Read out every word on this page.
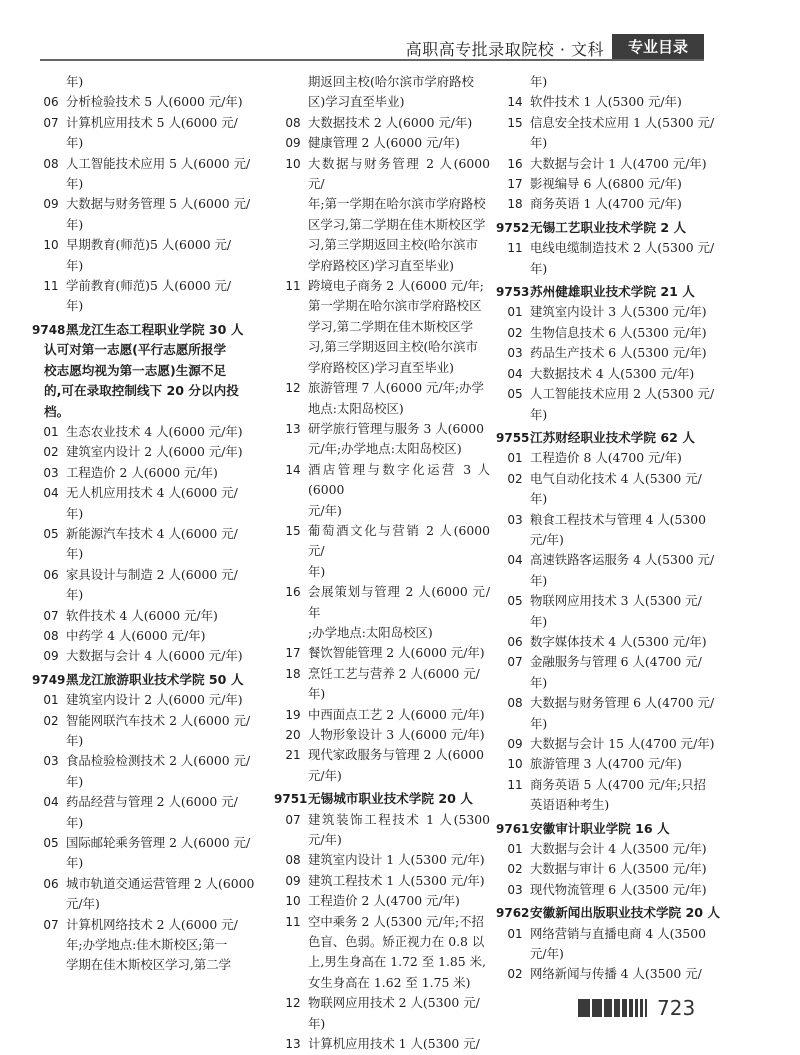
高职高专批录取院校 · 文科	专业目录
年)
06 分析检验技术 5 人(6000 元/年)
07 计算机应用技术 5 人(6000 元/
年)
08 人工智能技术应用 5 人(6000 元/
年)
09 大数据与财务管理 5 人(6000 元/
年)
10 早期教育(师范)5 人(6000 元/
年)
11 学前教育(师范)5 人(6000 元/
年)
9748 黑龙江生态工程职业学院 30 人
认可对第一志愿(平行志愿所报学
校志愿均视为第一志愿)生源不足
的,可在录取控制线下 20 分以内投
档。
01 生态农业技术 4 人(6000 元/年)
02 建筑室内设计 2 人(6000 元/年)
03 工程造价 2 人(6000 元/年)
04 无人机应用技术 4 人(6000 元/
年)
05 新能源汽车技术 4 人(6000 元/
年)
06 家具设计与制造 2 人(6000 元/
年)
07 软件技术 4 人(6000 元/年)
08 中药学 4 人(6000 元/年)
09 大数据与会计 4 人(6000 元/年)
9749 黑龙江旅游职业技术学院 50 人
01 建筑室内设计 2 人(6000 元/年)
02 智能网联汽车技术 2 人(6000 元/
年)
03 食品检验检测技术 2 人(6000 元/
年)
04 药品经营与管理 2 人(6000 元/
年)
05 国际邮轮乘务管理 2 人(6000 元/
年)
06 城市轨道交通运营管理 2 人(6000
元/年)
07 计算机网络技术 2 人(6000 元/
年;办学地点:佳木斯校区;第一
学期在佳木斯校区学习,第二学
期返回主校(哈尔滨市学府路校
区)学习直至毕业)
08 大数据技术 2 人(6000 元/年)
09 健康管理 2 人(6000 元/年)
10 大数据与财务管理 2 人(6000 元/
年;第一学期在哈尔滨市学府路校
区学习,第二学期在佳木斯校区学
习,第三学期返回主校(哈尔滨市
学府路校区)学习直至毕业)
11 跨境电子商务 2 人(6000 元/年;
第一学期在哈尔滨市学府路校区
学习,第二学期在佳木斯校区学
习,第三学期返回主校(哈尔滨市
学府路校区)学习直至毕业)
12 旅游管理 7 人(6000 元/年;办学
地点:太阳岛校区)
13 研学旅行管理与服务 3 人(6000
元/年;办学地点:太阳岛校区)
14 酒店管理与数字化运营 3 人(6000
元/年)
15 葡萄酒文化与营销 2 人(6000 元/
年)
16 会展策划与管理 2 人(6000 元/年
;办学地点:太阳岛校区)
17 餐饮智能管理 2 人(6000 元/年)
18 烹饪工艺与营养 2 人(6000 元/
年)
19 中西面点工艺 2 人(6000 元/年)
20 人物形象设计 3 人(6000 元/年)
21 现代家政服务与管理 2 人(6000
元/年)
9751 无锡城市职业技术学院 20 人
07 建筑装饰工程技术 1 人(5300 元/年)
08 建筑室内设计 1 人(5300 元/年)
09 建筑工程技术 1 人(5300 元/年)
10 工程造价 2 人(4700 元/年)
11 空中乘务 2 人(5300 元/年;不招
色盲、色弱。矫正视力在 0.8 以
上,男生身高在 1.72 至 1.85 米,
女生身高在 1.62 至 1.75 米)
12 物联网应用技术 2 人(5300 元/
年)
13 计算机应用技术 1 人(5300 元/
年)
14 软件技术 1 人(5300 元/年)
15 信息安全技术应用 1 人(5300 元/
年)
16 大数据与会计 1 人(4700 元/年)
17 影视编导 6 人(6800 元/年)
18 商务英语 1 人(4700 元/年)
9752 无锡工艺职业技术学院 2 人
11 电线电缆制造技术 2 人(5300 元/
年)
9753 苏州健雄职业技术学院 21 人
01 建筑室内设计 3 人(5300 元/年)
02 生物信息技术 6 人(5300 元/年)
03 药品生产技术 6 人(5300 元/年)
04 大数据技术 4 人(5300 元/年)
05 人工智能技术应用 2 人(5300 元/
年)
9755 江苏财经职业技术学院 62 人
01 工程造价 8 人(4700 元/年)
02 电气自动化技术 4 人(5300 元/
年)
03 粮食工程技术与管理 4 人(5300
元/年)
04 高速铁路客运服务 4 人(5300 元/
年)
05 物联网应用技术 3 人(5300 元/
年)
06 数字媒体技术 4 人(5300 元/年)
07 金融服务与管理 6 人(4700 元/
年)
08 大数据与财务管理 6 人(4700 元/
年)
09 大数据与会计 15 人(4700 元/年)
10 旅游管理 3 人(4700 元/年)
11 商务英语 5 人(4700 元/年;只招
英语语种考生)
9761 安徽审计职业学院 16 人
01 大数据与会计 4 人(3500 元/年)
02 大数据与审计 6 人(3500 元/年)
03 现代物流管理 6 人(3500 元/年)
9762 安徽新闻出版职业技术学院 20 人
01 网络营销与直播电商 4 人(3500
元/年)
02 网络新闻与传播 4 人(3500 元/
723
